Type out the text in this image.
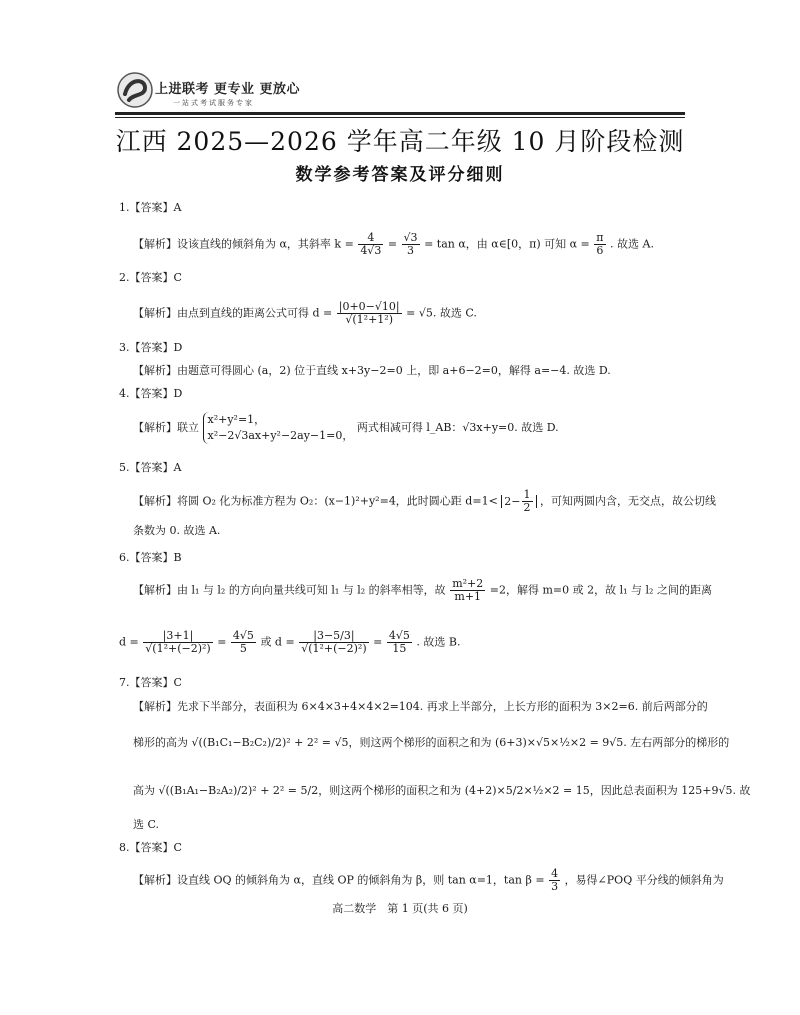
上进联考 更专业 更放心
一站式考试服务专家
江西 2025—2026 学年高二年级 10 月阶段检测
数学参考答案及评分细则
1.【答案】A
【解析】设该直线的倾斜角为 α，其斜率 $k = \frac{4}{4√3} = \frac{√3}{3} = \tan \alpha$，由 α∈[0，π) 可知 $\alpha = \frac{\pi}{6}$ . 故选 A.
2.【答案】C
【解析】由点到直线的距离公式可得 $d = \frac{|0+0-√10|}{\text{√(1²+1²)}} = √5$. 故选 C.
3.【答案】D
【解析】由题意可得圆心 (a，2) 位于直线 x+3y−2=0 上，即 a+6−2=0，解得 a=−4. 故选 D.
4.【答案】D
【解析】联立
x²+y²=1，
x²−2√3ax+y²−2ay−1=0，
两式相减可得 l_AB：√3x+y=0. 故选 D.
5.【答案】A
【解析】将圆 O₂ 化为标准方程为 O₂：(x−1)²+y²=4，此时圆心距 $d=1< 2- \frac{1}{2}$ ，可知两圆内含，无交点，故公切线
条数为 0. 故选 A.
6.【答案】B
【解析】由 l₁ 与 l₂ 的方向向量共线可知 l₁ 与 l₂ 的斜率相等，故 $\frac{\text{m²+2}}{m+1} =2$，解得 m=0 或 2，故 l₁ 与 l₂ 之间的距离
$d = \frac{|3+1|}{\text{√(1²+(−2)²)}} = \frac{4√5}{5}$ 或 $d = \frac{|3-5/3|}{\text{√(1²+(−2)²)}} = \frac{4√5}{15}$ . 故选 B.
7.【答案】C
【解析】先求下半部分，表面积为 6×4×3+4×4×2=104. 再求上半部分，上长方形的面积为 3×2=6. 前后两部分的
梯形的高为 √((B₁C₁−B₂C₂)/2)² + 2² = √5，则这两个梯形的面积之和为 (6+3)×√5×½×2 = 9√5. 左右两部分的梯形的
高为 √((B₁A₁−B₂A₂)/2)² + 2² = 5/2，则这两个梯形的面积之和为 (4+2)×5/2×½×2 = 15，因此总表面积为 125+9√5. 故
选 C.
8.【答案】C
【解析】设直线 OQ 的倾斜角为 α，直线 OP 的倾斜角为 β，则 tan α=1，$\tan \beta = \frac{4}{3}$ ，易得∠POQ 平分线的倾斜角为
高二数学　第 1 页(共 6 页)
